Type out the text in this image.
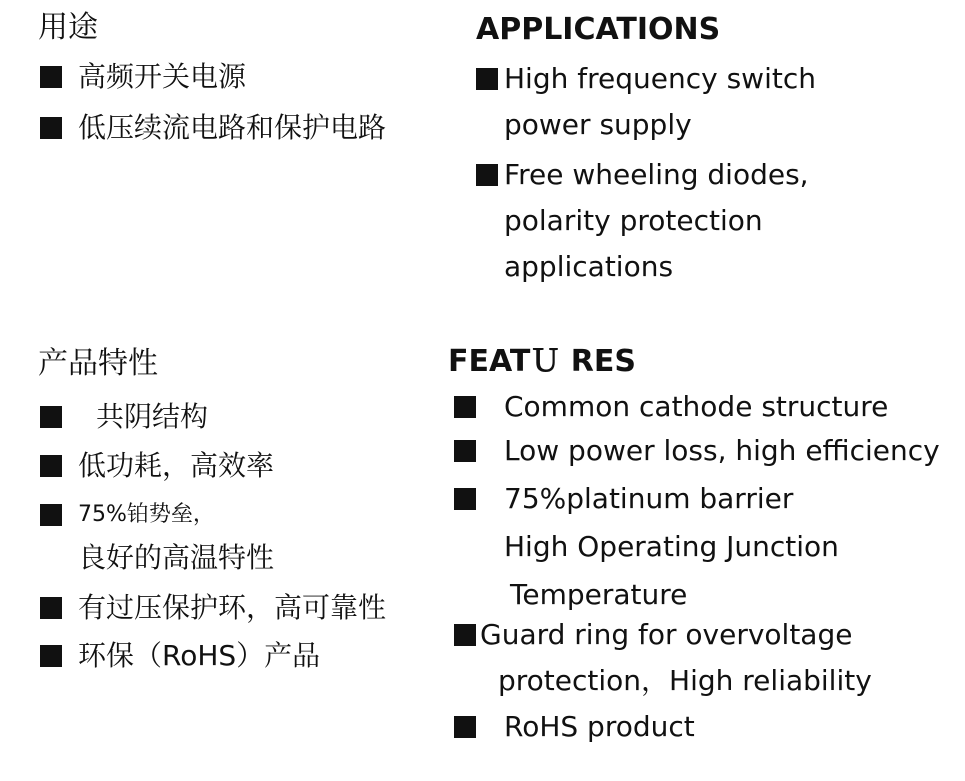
用途
高频开关电源
低压续流电路和保护电路
APPLICATIONS
High frequency switch
power supply
Free wheeling diodes,
polarity protection
applications
产品特性
共阴结构
低功耗，高效率
75%铂势垒，
良好的高温特性
有过压保护环，高可靠性
环保（RoHS）产品
FEATＵ RES
Common cathode structure
Low power loss, high efficiency
75%platinum barrier
High Operating Junction
Temperature
Guard ring for overvoltage
protection，High reliability
RoHS product
